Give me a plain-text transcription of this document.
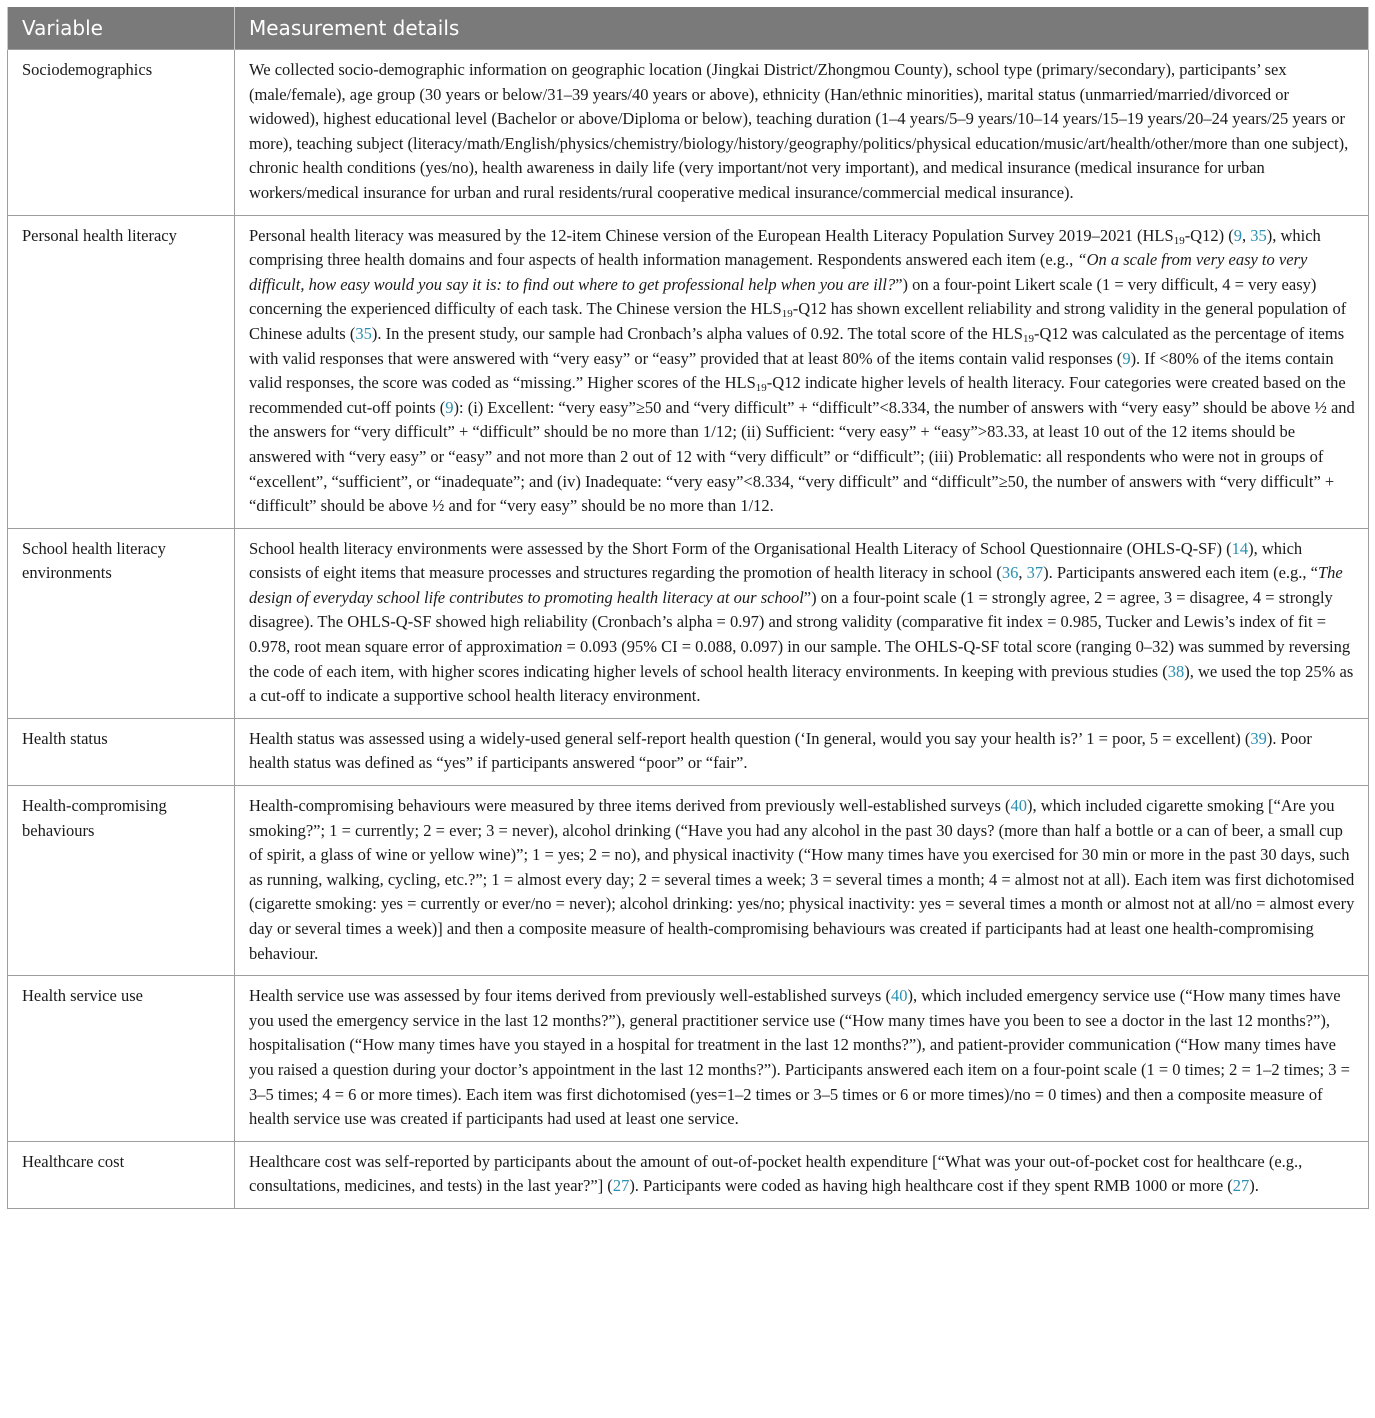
Variable	Measurement details
Sociodemographics	We collected socio-demographic information on geographic location (Jingkai District/Zhongmou County), school type (primary/secondary), participants’ sex (male/female), age group (30 years or below/31–39 years/40 years or above), ethnicity (Han/ethnic minorities), marital status (unmarried/married/divorced or widowed), highest educational level (Bachelor or above/Diploma or below), teaching duration (1–4 years/5–9 years/10–14 years/15–19 years/20–24 years/25 years or more), teaching subject (literacy/math/English/physics/chemistry/biology/history/geography/politics/physical education/music/art/health/other/more than one subject), chronic health conditions (yes/no), health awareness in daily life (very important/not very important), and medical insurance (medical insurance for urban workers/medical insurance for urban and rural residents/rural cooperative medical insurance/commercial medical insurance).
Personal health literacy	Personal health literacy was measured by the 12-item Chinese version of the European Health Literacy Population Survey 2019–2021 (HLS19-Q12) (9, 35), which comprising three health domains and four aspects of health information management. Respondents answered each item (e.g., “On a scale from very easy to very difficult, how easy would you say it is: to find out where to get professional help when you are ill?”) on a four-point Likert scale (1 = very difficult, 4 = very easy) concerning the experienced difficulty of each task. The Chinese version the HLS19-Q12 has shown excellent reliability and strong validity in the general population of Chinese adults (35). In the present study, our sample had Cronbach’s alpha values of 0.92. The total score of the HLS19-Q12 was calculated as the percentage of items with valid responses that were answered with “very easy” or “easy” provided that at least 80% of the items contain valid responses (9). If <80% of the items contain valid responses, the score was coded as “missing.” Higher scores of the HLS19-Q12 indicate higher levels of health literacy. Four categories were created based on the recommended cut-off points (9): (i) Excellent: “very easy”≥50 and “very difficult” + “difficult”<8.334, the number of answers with “very easy” should be above ½ and the answers for “very difficult” + “difficult” should be no more than 1/12; (ii) Sufficient: “very easy” + “easy”>83.33, at least 10 out of the 12 items should be answered with “very easy” or “easy” and not more than 2 out of 12 with “very difficult” or “difficult”; (iii) Problematic: all respondents who were not in groups of “excellent”, “sufficient”, or “inadequate”; and (iv) Inadequate: “very easy”<8.334, “very difficult” and “difficult”≥50, the number of answers with “very difficult” + “difficult” should be above ½ and for “very easy” should be no more than 1/12.
School health literacy environments	School health literacy environments were assessed by the Short Form of the Organisational Health Literacy of School Questionnaire (OHLS-Q-SF) (14), which consists of eight items that measure processes and structures regarding the promotion of health literacy in school (36, 37). Participants answered each item (e.g., “The design of everyday school life contributes to promoting health literacy at our school”) on a four-point scale (1 = strongly agree, 2 = agree, 3 = disagree, 4 = strongly disagree). The OHLS-Q-SF showed high reliability (Cronbach’s alpha = 0.97) and strong validity (comparative fit index = 0.985, Tucker and Lewis’s index of fit = 0.978, root mean square error of approximation = 0.093 (95% CI = 0.088, 0.097) in our sample. The OHLS-Q-SF total score (ranging 0–32) was summed by reversing the code of each item, with higher scores indicating higher levels of school health literacy environments. In keeping with previous studies (38), we used the top 25% as a cut-off to indicate a supportive school health literacy environment.
Health status	Health status was assessed using a widely-used general self-report health question (‘In general, would you say your health is?’ 1 = poor, 5 = excellent) (39). Poor health status was defined as “yes” if participants answered “poor” or “fair”.
Health-compromising behaviours	Health-compromising behaviours were measured by three items derived from previously well-established surveys (40), which included cigarette smoking [“Are you smoking?”; 1 = currently; 2 = ever; 3 = never), alcohol drinking (“Have you had any alcohol in the past 30 days? (more than half a bottle or a can of beer, a small cup of spirit, a glass of wine or yellow wine)”; 1 = yes; 2 = no), and physical inactivity (“How many times have you exercised for 30 min or more in the past 30 days, such as running, walking, cycling, etc.?”; 1 = almost every day; 2 = several times a week; 3 = several times a month; 4 = almost not at all). Each item was first dichotomised (cigarette smoking: yes = currently or ever/no = never); alcohol drinking: yes/no; physical inactivity: yes = several times a month or almost not at all/no = almost every day or several times a week)] and then a composite measure of health-compromising behaviours was created if participants had at least one health-compromising behaviour.
Health service use	Health service use was assessed by four items derived from previously well-established surveys (40), which included emergency service use (“How many times have you used the emergency service in the last 12 months?”), general practitioner service use (“How many times have you been to see a doctor in the last 12 months?”), hospitalisation (“How many times have you stayed in a hospital for treatment in the last 12 months?”), and patient-provider communication (“How many times have you raised a question during your doctor’s appointment in the last 12 months?”). Participants answered each item on a four-point scale (1 = 0 times; 2 = 1–2 times; 3 = 3–5 times; 4 = 6 or more times). Each item was first dichotomised (yes=1–2 times or 3–5 times or 6 or more times)/no = 0 times) and then a composite measure of health service use was created if participants had used at least one service.
Healthcare cost	Healthcare cost was self-reported by participants about the amount of out-of-pocket health expenditure [“What was your out-of-pocket cost for healthcare (e.g., consultations, medicines, and tests) in the last year?”] (27). Participants were coded as having high healthcare cost if they spent RMB 1000 or more (27).
